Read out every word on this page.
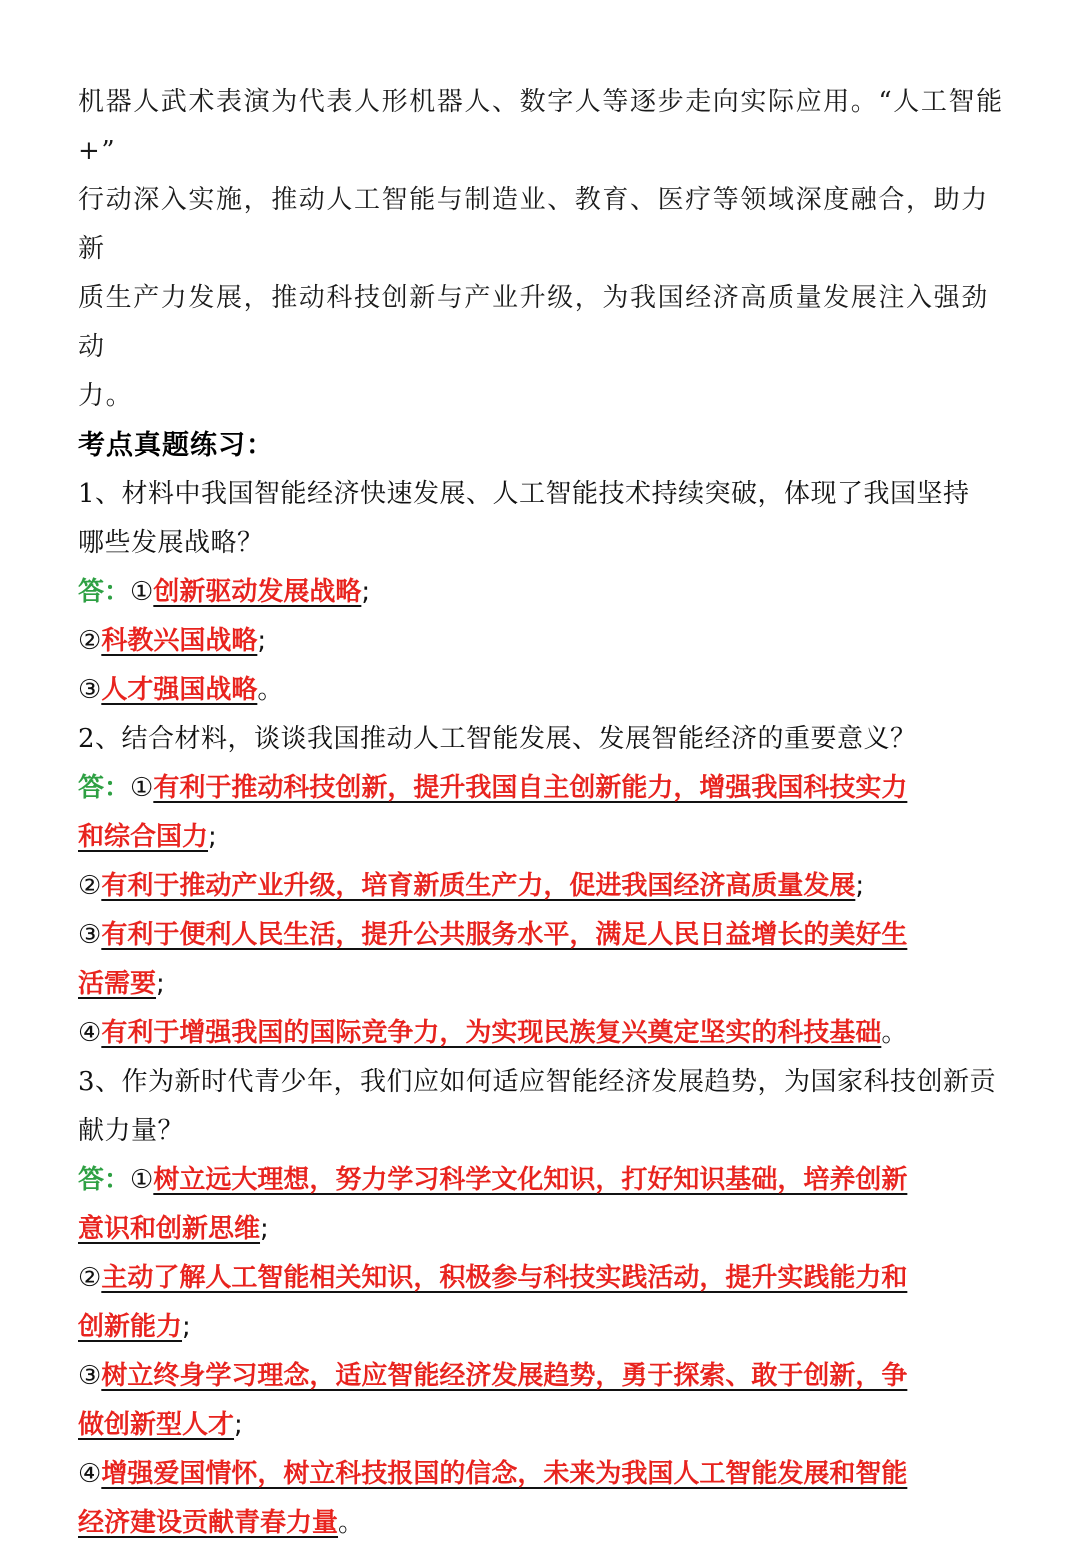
机器人武术表演为代表人形机器人、数字人等逐步走向实际应用。“人工智能+”
行动深入实施，推动人工智能与制造业、教育、医疗等领域深度融合，助力新
质生产力发展，推动科技创新与产业升级，为我国经济高质量发展注入强劲动
力。
考点真题练习：
1、材料中我国智能经济快速发展、人工智能技术持续突破，体现了我国坚持
哪些发展战略？
答：①创新驱动发展战略;
②科教兴国战略;
③人才强国战略。
2、结合材料，谈谈我国推动人工智能发展、发展智能经济的重要意义？
答：①有利于推动科技创新，提升我国自主创新能力，增强我国科技实力
和综合国力;
②有利于推动产业升级，培育新质生产力，促进我国经济高质量发展;
③有利于便利人民生活，提升公共服务水平，满足人民日益增长的美好生
活需要;
④有利于增强我国的国际竞争力，为实现民族复兴奠定坚实的科技基础。
3、作为新时代青少年，我们应如何适应智能经济发展趋势，为国家科技创新贡
献力量？
答：①树立远大理想，努力学习科学文化知识，打好知识基础，培养创新
意识和创新思维;
②主动了解人工智能相关知识，积极参与科技实践活动，提升实践能力和
创新能力;
③树立终身学习理念，适应智能经济发展趋势，勇于探索、敢于创新，争
做创新型人才;
④增强爱国情怀，树立科技报国的信念，未来为我国人工智能发展和智能
经济建设贡献青春力量。
